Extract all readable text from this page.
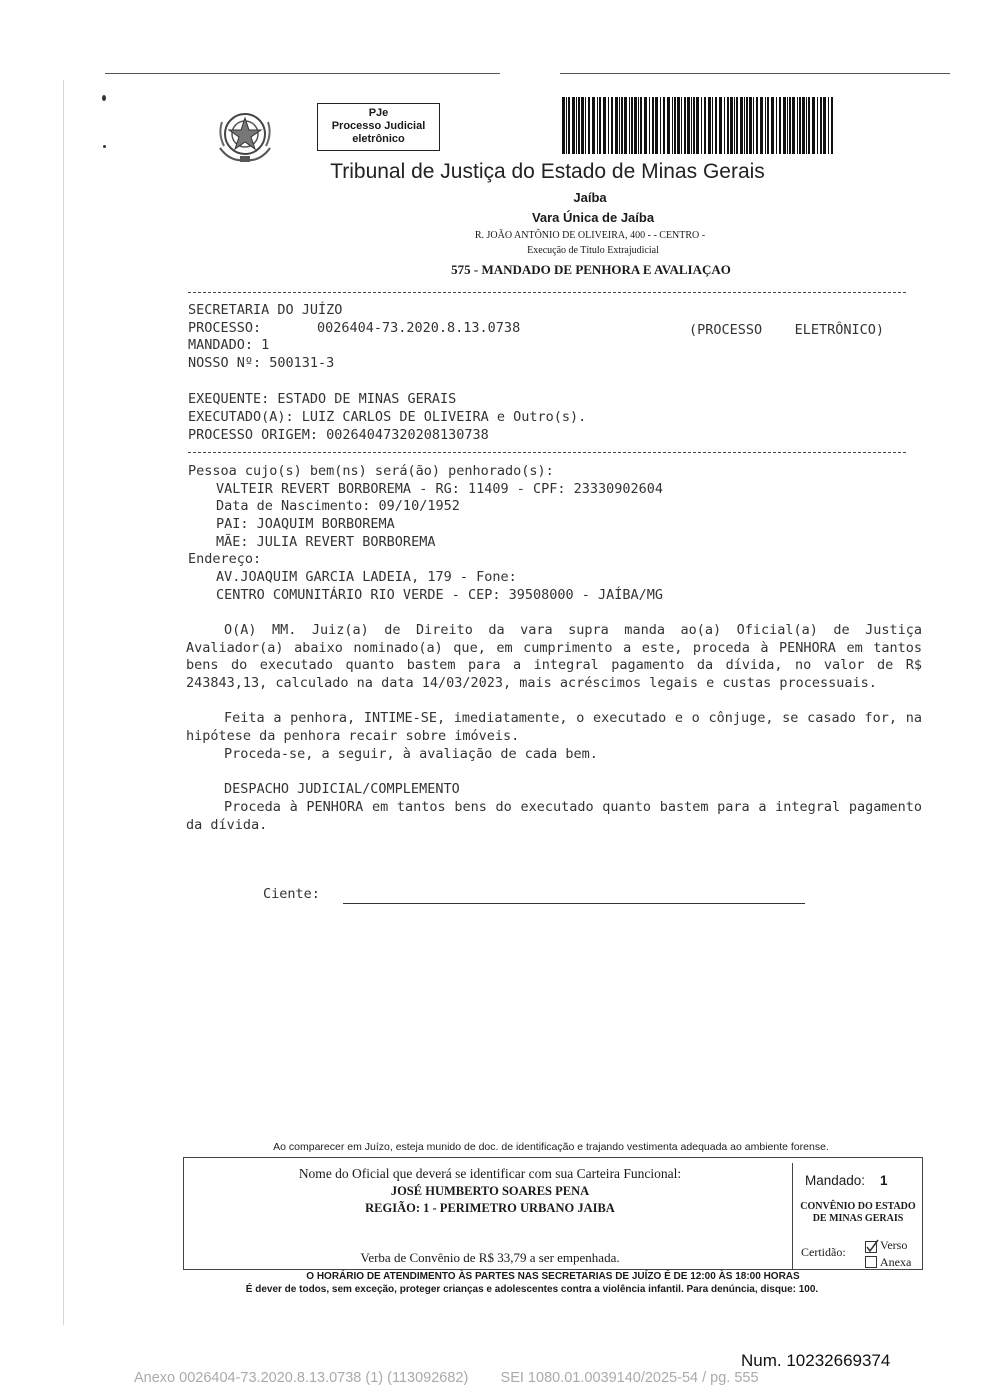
PJe
Processo Judicial
eletrônico
Tribunal de Justiça do Estado de Minas Gerais
Jaíba
Vara Única de Jaíba
R. JOÃO ANTÔNIO DE OLIVEIRA, 400 - - CENTRO -
Execução de Título Extrajudicial
575 - MANDADO DE PENHORA E AVALIAÇAO
SECRETARIA DO JUÍZO
PROCESSO:	0026404-73.2020.8.13.0738	(PROCESSO    ELETRÔNICO)
MANDADO: 1
NOSSO Nº: 500131-3
EXEQUENTE: ESTADO DE MINAS GERAIS
EXECUTADO(A): LUIZ CARLOS DE OLIVEIRA e Outro(s).
PROCESSO ORIGEM: 00264047320208130738
Pessoa cujo(s) bem(ns) será(ão) penhorado(s):
VALTEIR REVERT BORBOREMA - RG: 11409 - CPF: 23330902604
Data de Nascimento: 09/10/1952
PAI: JOAQUIM BORBOREMA
MÃE: JULIA REVERT BORBOREMA
Endereço:
AV.JOAQUIM GARCIA LADEIA, 179 - Fone:
CENTRO COMUNITÁRIO RIO VERDE - CEP: 39508000 - JAÍBA/MG
O(A) MM. Juiz(a) de Direito da vara supra manda ao(a) Oficial(a) de Justiça Avaliador(a) abaixo nominado(a) que, em cumprimento a este, proceda à PENHORA em tantos bens do executado quanto bastem para a integral pagamento da dívida, no valor de R$ 243843,13, calculado na data 14/03/2023, mais acréscimos legais e custas processuais.
Feita a penhora, INTIME-SE, imediatamente, o executado e o cônjuge, se casado for, na hipótese da penhora recair sobre imóveis.
Proceda-se, a seguir, à avaliação de cada bem.
DESPACHO JUDICIAL/COMPLEMENTO
Proceda à PENHORA em tantos bens do executado quanto bastem para a integral pagamento da dívida.
Ciente:
Ao comparecer em Juízo, esteja munido de doc. de identificação e trajando vestimenta adequada ao ambiente forense.
Nome do Oficial que deverá se identificar com sua Carteira Funcional:
JOSÉ HUMBERTO SOARES PENA
REGIÃO: 1 - PERIMETRO URBANO JAIBA
Verba de Convênio de R$ 33,79 a ser empenhada.
Mandado: 1
CONVÊNIO DO ESTADO
DE MINAS GERAIS
Certidão:	Verso
Anexa
O HORÁRIO DE ATENDIMENTO ÀS PARTES NAS SECRETARIAS DE JUÍZO É DE 12:00 ÀS 18:00 HORAS
É dever de todos, sem exceção, proteger crianças e adolescentes contra a violência infantil. Para denúncia, disque: 100.
Num. 10232669374
Anexo 0026404-73.2020.8.13.0738 (1) (113092682)        SEI 1080.01.0039140/2025-54 / pg. 555
